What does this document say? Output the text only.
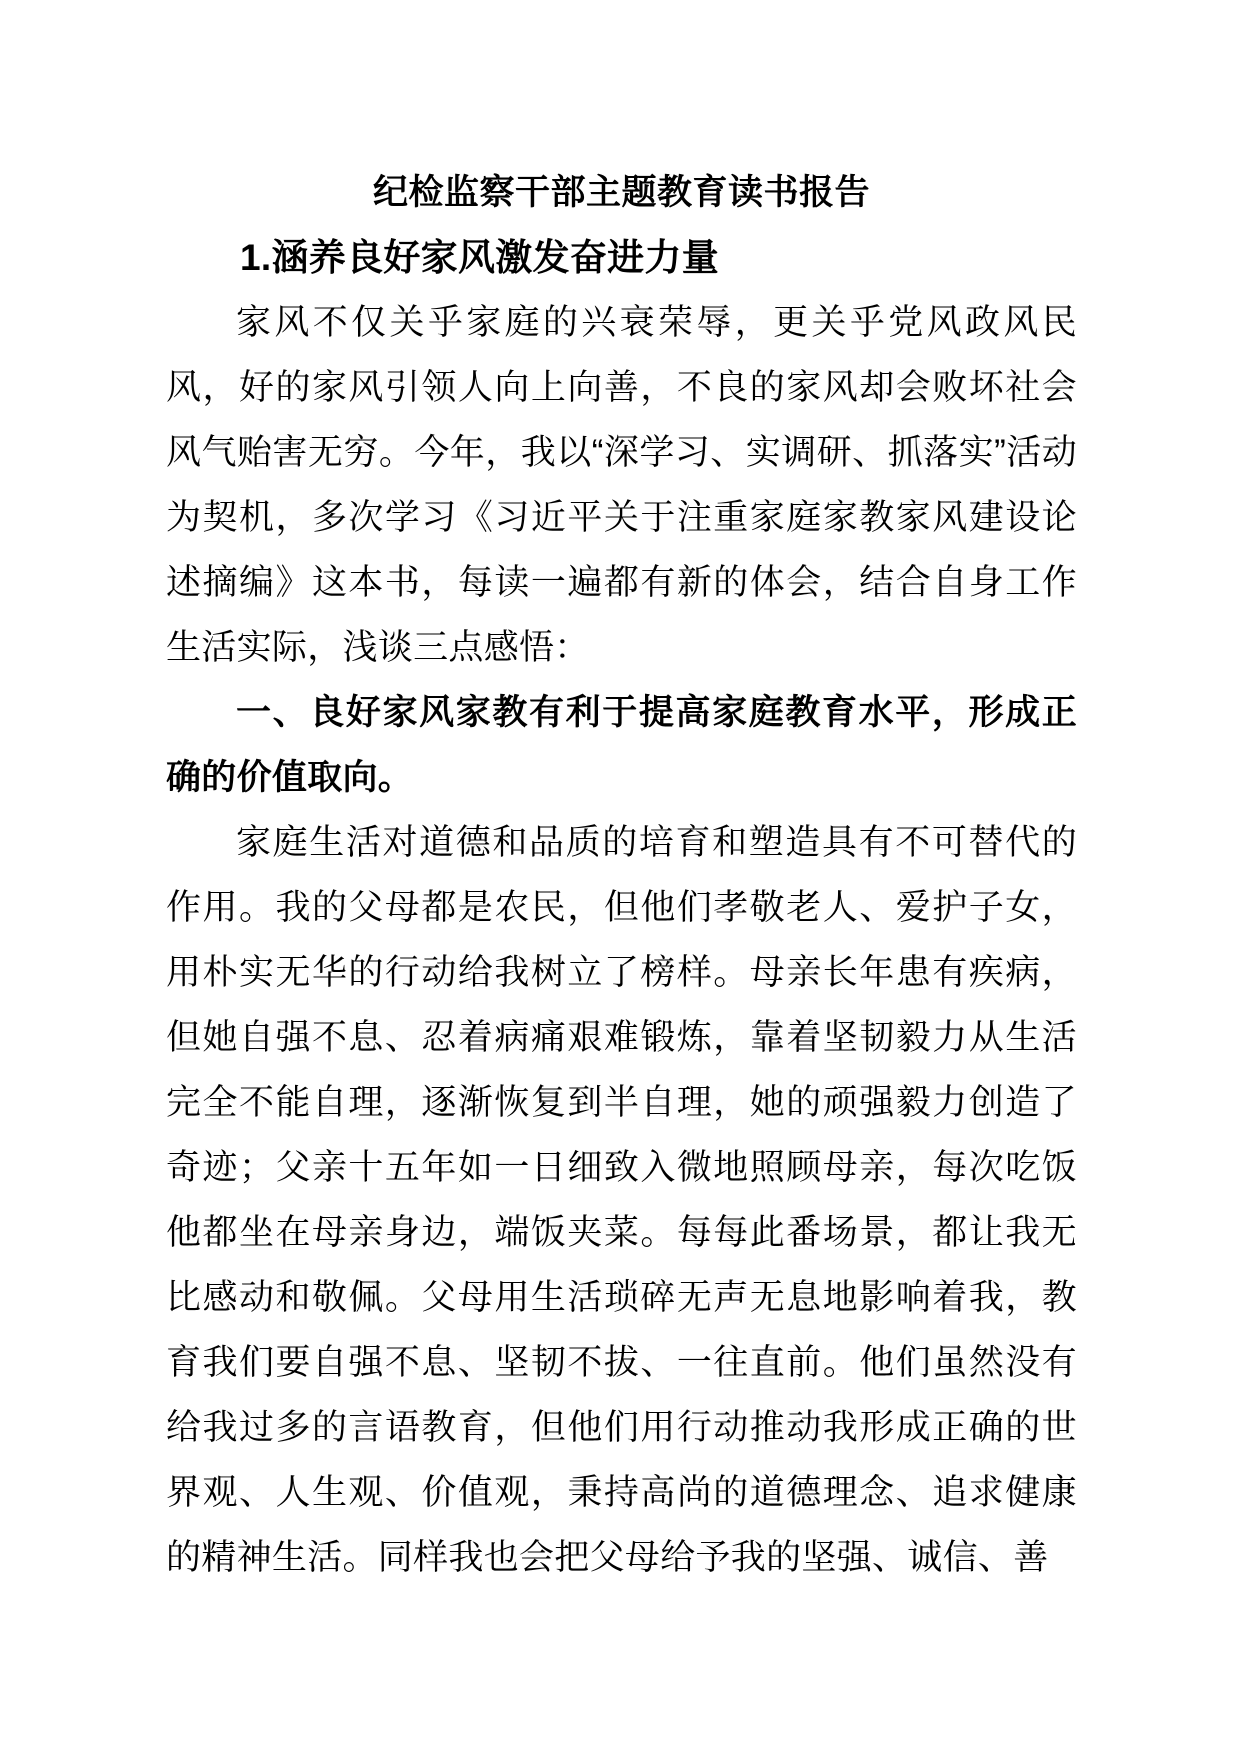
纪检监察干部主题教育读书报告
1.涵养良好家风激发奋进力量

家风不仅关乎家庭的兴衰荣辱，更关乎党风政风民风，好的家风引领人向上向善，不良的家风却会败坏社会风气贻害无穷。今年，我以“深学习、实调研、抓落实”活动为契机，多次学习《习近平关于注重家庭家教家风建设论述摘编》这本书，每读一遍都有新的体会，结合自身工作生活实际，浅谈三点感悟：

一、良好家风家教有利于提高家庭教育水平，形成正确的价值取向。

家庭生活对道德和品质的培育和塑造具有不可替代的作用。我的父母都是农民，但他们孝敬老人、爱护子女，用朴实无华的行动给我树立了榜样。母亲长年患有疾病，但她自强不息、忍着病痛艰难锻炼，靠着坚韧毅力从生活完全不能自理，逐渐恢复到半自理，她的顽强毅力创造了奇迹；父亲十五年如一日细致入微地照顾母亲，每次吃饭他都坐在母亲身边，端饭夹菜。每每此番场景，都让我无比感动和敬佩。父母用生活琐碎无声无息地影响着我，教育我们要自强不息、坚韧不拔、一往直前。他们虽然没有给我过多的言语教育，但他们用行动推动我形成正确的世界观、人生观、价值观，秉持高尚的道德理念、追求健康的精神生活。同样我也会把父母给予我的坚强、诚信、善
